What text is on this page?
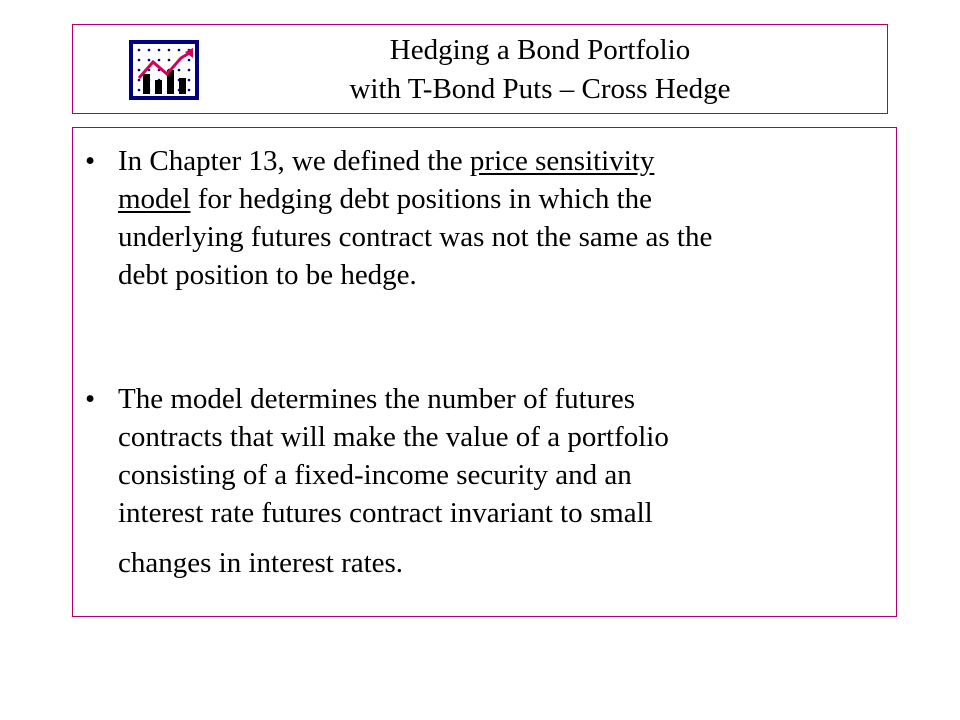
Hedging a Bond Portfolio
with T-Bond Puts – Cross Hedge
• In Chapter 13, we defined the price sensitivity
model for hedging debt positions in which the
underlying futures contract was not the same as the
debt position to be hedge.
• The model determines the number of futures
contracts that will make the value of a portfolio
consisting of a fixed-income security and an
interest rate futures contract invariant to small
changes in interest rates.
